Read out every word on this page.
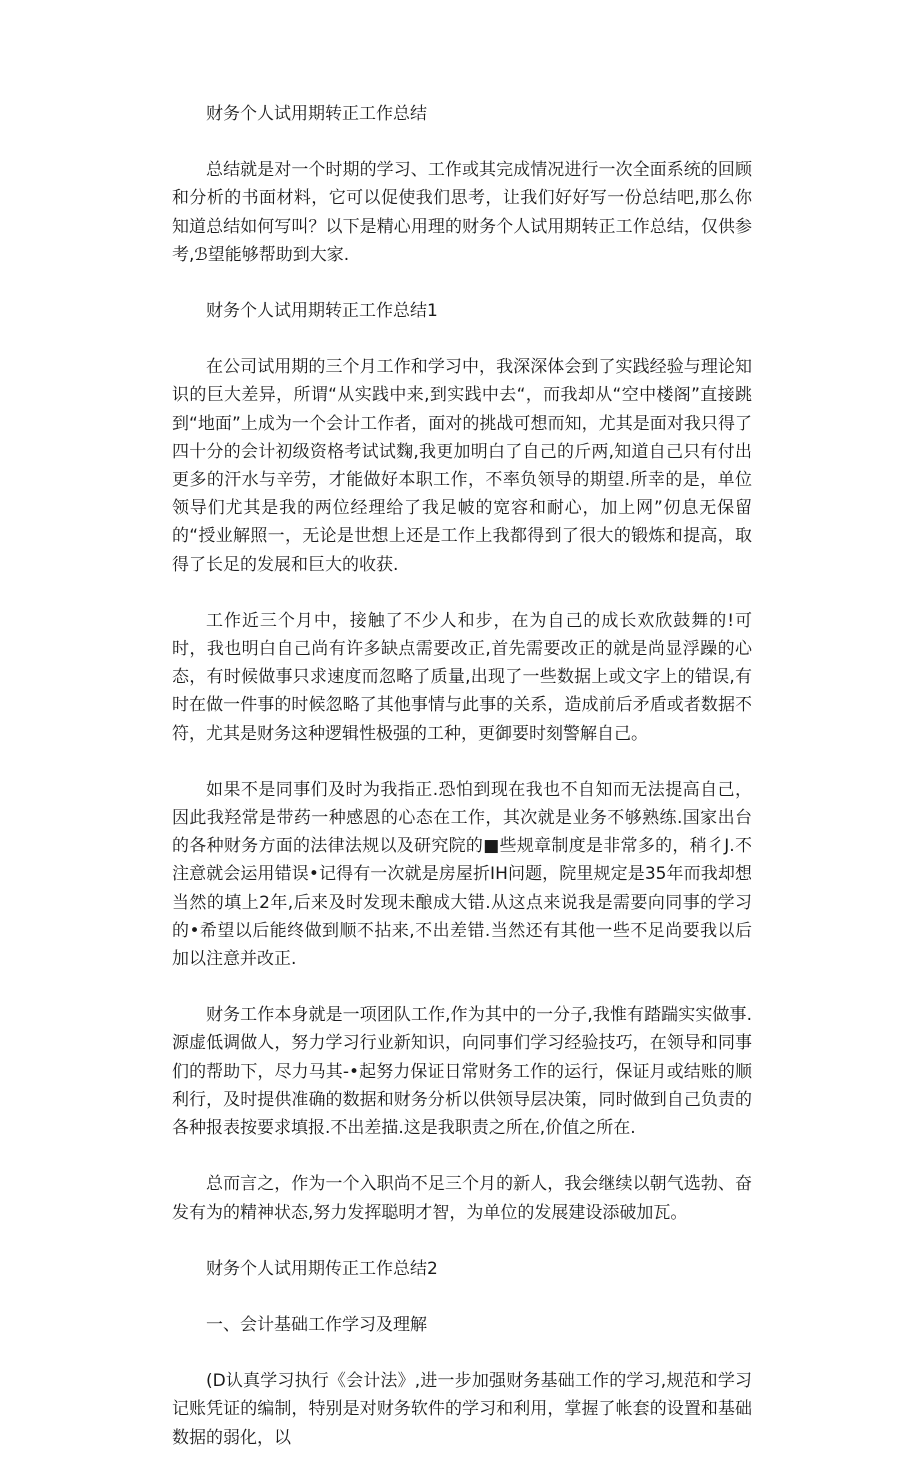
财务个人试用期转正工作总结

总结就是对一个时期的学习、工作或其完成情况进行一次全面系统的回顾和分析的书面材料，它可以促使我们思考，让我们好好写一份总结吧,那么你知道总结如何写叫？以下是精心用理的财务个人试用期转正工作总结，仅供参考,ℬ望能够帮助到大家.

财务个人试用期转正工作总结1

在公司试用期的三个月工作和学习中，我深深体会到了实践经验与理论知识的巨大差异，所谓“从实践中来,到实践中去“，而我却从“空中楼阁”直接跳到“地面”上成为一个会计工作者，面对的挑战可想而知，尤其是面对我只得了四十分的会计初级资格考试试麴,我更加明白了自己的斤两,知道自己只有付出更多的汗水与辛劳，才能做好本职工作，不率负领导的期望.所幸的是，单位领导们尤其是我的两位经理给了我足帔的宽容和耐心，加上网”仞息无保留的“授业解照一，无论是世想上还是工作上我都得到了很大的锻炼和提高，取得了长足的发展和巨大的收获.

工作近三个月中，接触了不少人和步，在为自己的成长欢欣鼓舞的!可时，我也明白自己尚有许多缺点需要改正,首先需要改正的就是尚显浮躁的心态，有时候做事只求速度而忽略了质量,出现了一些数据上或文字上的错误,有时在做一件事的时候忽略了其他事情与此事的关系，造成前后矛盾或者数据不符，尤其是财务这种逻辑性极强的工种，更御要时刻警解自己。

如果不是同事们及时为我指正.恐怕到现在我也不自知而无法提高自己，因此我羟常是带药一种感恩的心态在工作，其次就是业务不够熟练.国家出台的各种财务方面的法律法规以及研究院的■些规章制度是非常多的，稍彳J.不注意就会运用错误•记得有一次就是房屋折IH问题，院里规定是35年而我却想当然的填上2年,后来及时发现未酿成大错.从这点来说我是需要向同事的学习的•希望以后能终做到顺不拈来,不出差错.当然还有其他一些不足尚要我以后加以注意并改正.

财务工作本身就是一项团队工作,作为其中的一分子,我惟有踏踹实实做事.源虚低调做人，努力学习行业新知识，向同事们学习经验技巧，在领导和同事们的帮助下，尽力马其-•起努力保证日常财务工作的运行，保证月或结账的顺利行，及时提供准确的数据和财务分析以供领导层决策，同时做到自己负责的各种报表按要求填报.不出差描.这是我职责之所在,价值之所在.

总而言之，作为一个入职尚不足三个月的新人，我会继续以朝气选勃、奋发有为的精神状态,努力发挥聪明才智，为单位的发展建设添破加瓦。

财务个人试用期传正工作总结2

一、会计基础工作学习及理解

(D认真学习执行《会计法》,进一步加强财务基础工作的学习,规范和学习记账凭证的编制，特别是对财务软件的学习和利用，掌握了帐套的设置和基础数据的弱化，以
